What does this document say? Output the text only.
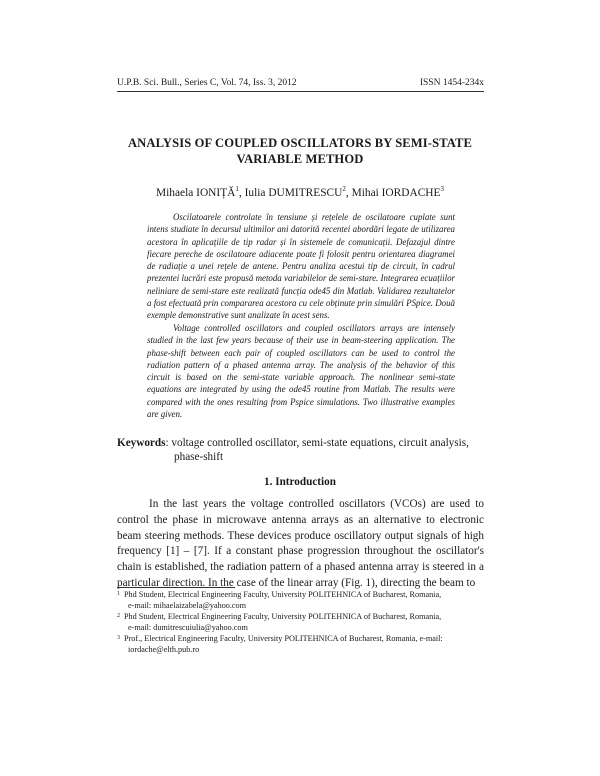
U.P.B. Sci. Bull., Series C, Vol. 74, Iss. 3, 2012	ISSN 1454-234x
ANALYSIS OF COUPLED OSCILLATORS BY SEMI-STATE
VARIABLE METHOD
Mihaela IONIȚĂ$^1$, Iulia DUMITRESCU$^2$, Mihai IORDACHE$^3$
Oscilatoarele controlate în tensiune și rețelele de oscilatoare cuplate sunt intens studiate în decursul ultimilor ani datorită recentei abordări legate de utilizarea acestora în aplicațiile de tip radar și în sistemele de comunicații. Defazajul dintre fiecare pereche de oscilatoare adiacente poate fi folosit pentru orientarea diagramei de radiație a unei rețele de antene. Pentru analiza acestui tip de circuit, în cadrul prezentei lucrări este propusă metoda variabilelor de semi-stare. Integrarea ecuațiilor neliniare de semi-stare este realizată funcția ode45 din Matlab. Validarea rezultatelor a fost efectuată prin compararea acestora cu cele obținute prin simulări PSpice. Două exemple demonstrative sunt analizate în acest sens.
Voltage controlled oscillators and coupled oscillators arrays are intensely studied in the last few years because of their use in beam-steering application. The phase-shift between each pair of coupled oscillators can be used to control the radiation pattern of a phased antenna array. The analysis of the behavior of this circuit is based on the semi-state variable approach. The nonlinear semi-state equations are integrated by using the ode45 routine from Matlab. The results were compared with the ones resulting from Pspice simulations. Two illustrative examples are given.
Keywords: voltage controlled oscillator, semi-state equations, circuit analysis,
phase-shift
1. Introduction
In the last years the voltage controlled oscillators (VCOs) are used to control the phase in microwave antenna arrays as an alternative to electronic beam steering methods. These devices produce oscillatory output signals of high frequency [1] – [7]. If a constant phase progression throughout the oscillator's chain is established, the radiation pattern of a phased antenna array is steered in a particular direction. In the case of the linear array (Fig. 1), directing the beam to
1 Phd Student, Electrical Engineering Faculty, University POLITEHNICA of Bucharest, Romania,
e-mail: mihaelaizabela@yahoo.com
2 Phd Student, Electrical Engineering Faculty, University POLITEHNICA of Bucharest, Romania,
e-mail: dumitrescuiulia@yahoo.com
3 Prof., Electrical Engineering Faculty, University POLITEHNICA of Bucharest, Romania, e-mail:
iordache@elth.pub.ro
